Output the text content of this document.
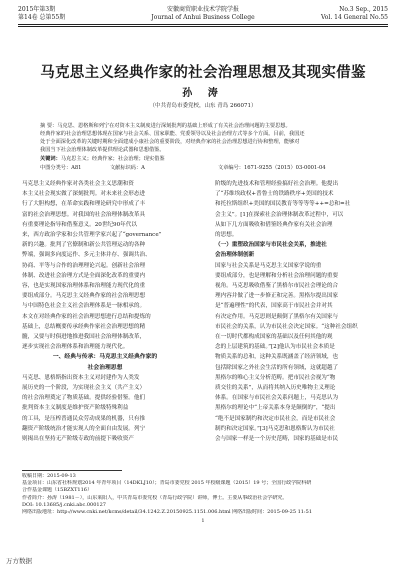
2015年第3期	安徽商贸职业技术学院学报	No.3 Sep., 2015
第14卷 总第55期	Journal of Anhui Business College	Vol. 14 General No.55
马克思主义经典作家的社会治理思想及其现实借鉴
孙 涛
（中共青岛市委党校，山东 青岛 266071）
摘 要：马克思、恩格斯和列宁在对资本主义制度进行深刻批判的基础上形成了有关社会治理问题的主要思想。
经典作家的社会治理思想体现在国家与社会关系、国家职能、党委领导以及社会治理方式等多个方面。目前，我国还
处于全面深化改革的关键时期和全面建成小康社会的重要阶段，对经典作家的社会治理思想进行协和整理，能够对
我国当下社会治理体制改革提供理论武器和思想借鉴。
关键词：马克思主义；经典作家；社会治理；现实借鉴
中图分类号：A81	文献标识码：A	文章编号：1671-9255（2015）03-0001-04

马克思主义经典作家对各类社会主义思潮和资

本主义社会现实做了深刻批判。对未来社会形态进

行了大胆构想，在革命实践和理论研究中形成了丰

富的社会治理思想。对我国的社会治理体制改革具

有重要理论指导和借鉴意义。20世纪90年代以

来，西方政治学家和公共管理学家兴起了“governance”

新的兴趣。批判了官僚制和新公共管理运动的各种

弊端，强调多向度运作、多元主体并存、强调共治、

协商、平等与合作的治理理论兴起。创新社会治理

体制、改进社会治理方式是全面深化改革的重要内

容，也是实现国家治理体系和治理能力现代化的重

要组成部分。马克思主义经典作家的社会治理思想

与中国特色社会主义社会治理体系是一脉相承的。

本文在对经典作家的社会治理思想进行总结和提炼的

基础上，总结概要传承经典作家社会治理思想的精

髓，又要与时俱进地推进我国社会治理体制改革，

逐步实现社会治理体系和治理能力现代化。

一、经典与传承：马克思主义经典作家的

社会治理思想

马克思、恩格斯指出资本主义对封建作为人类发

展历史的一个阶段，为实现社会主义（共产主义）

的社会治理奠定了物质基础。提供经验借鉴。他们

批判资本主义制度是维护资产阶级特殊利益

的工具，是压榨普通民众劳动成果的机器，只有推

翻资产阶级统治才能实现人的全面自由发展。列宁

则揭出在坚持无产阶级专政的前提下吸收资产

阶级的先进技术和管理经验搞好社会治理。他提出

了“苏维埃政权+普鲁士的铁路秩序+美国的技术

和托拉斯组织+美国的国民教育等等等等++=总和=社

会主义”。[1]在探索社会治理体制改革过程中，可以

从如下几方面吸收和借鉴经典作家有关社会治理

的思想。

（一）重塑政治国家与市民社会关系，推进社

会治理体制创新

国家与社会关系是马克思主义国家学说的重

要组成部分，也是理解和分析社会治理问题的重要

视角。马克思吸收借鉴了黑格尔市民社会理论的合

理内容并做了进一步修正和完善。黑格尔提出国家

是“普遍理性”的代表，国家高于市民社会并对其

有决定作用。马克思则是颠倒了黑格尔有关国家与

市民社会的关系，认为市民社会决定国家。“这种社会组织

在一切时代都构成国家的基础以及任何其他的观

念的上层建筑的基础。”[2]他认为市民社会本质是

物质关系的总和，这种关系既涵盖了经济领域，也

包括除国家之外社会生活的所有领域，这就超越了

黑格尔的唯心主义分析范畴。把市民社会视为“物

质交往的关系”，从而将其纳入历史唯物主义理论

体系。在国家与市民社会关系问题上，马克思认为

黑格尔的理论中“上帝关系本身是颠倒的”，“提出

“绝不是国家制约和决定市民社会，而是市民社会

制约和决定国家。”[3]马克思和恩格斯认为市民社

会与国家一样是一个历史范畴，国家的基础是市民

收稿日期：2015-09-13

基金项目：山东省社科规划2014 年青年项目（14DKLJ10）；青岛市委党校 2015 年校级课题（2015）19 号；全国行政学院科研

合作基金课题（15BZXT116）

作者简介：孙涛（1981－），山东莱阳人，中共青岛市委党校（青岛行政学院）讲师，博士。主要从事政治社会学研究。

DOI: 10.13685/j.cnki.abc.000127

网络出版地址：http://www.cnki.net/kcms/detail/34.1242.Z.20150925.1151.006.html 网络出版时间：2015-09-25 11:51

1

万方数据
